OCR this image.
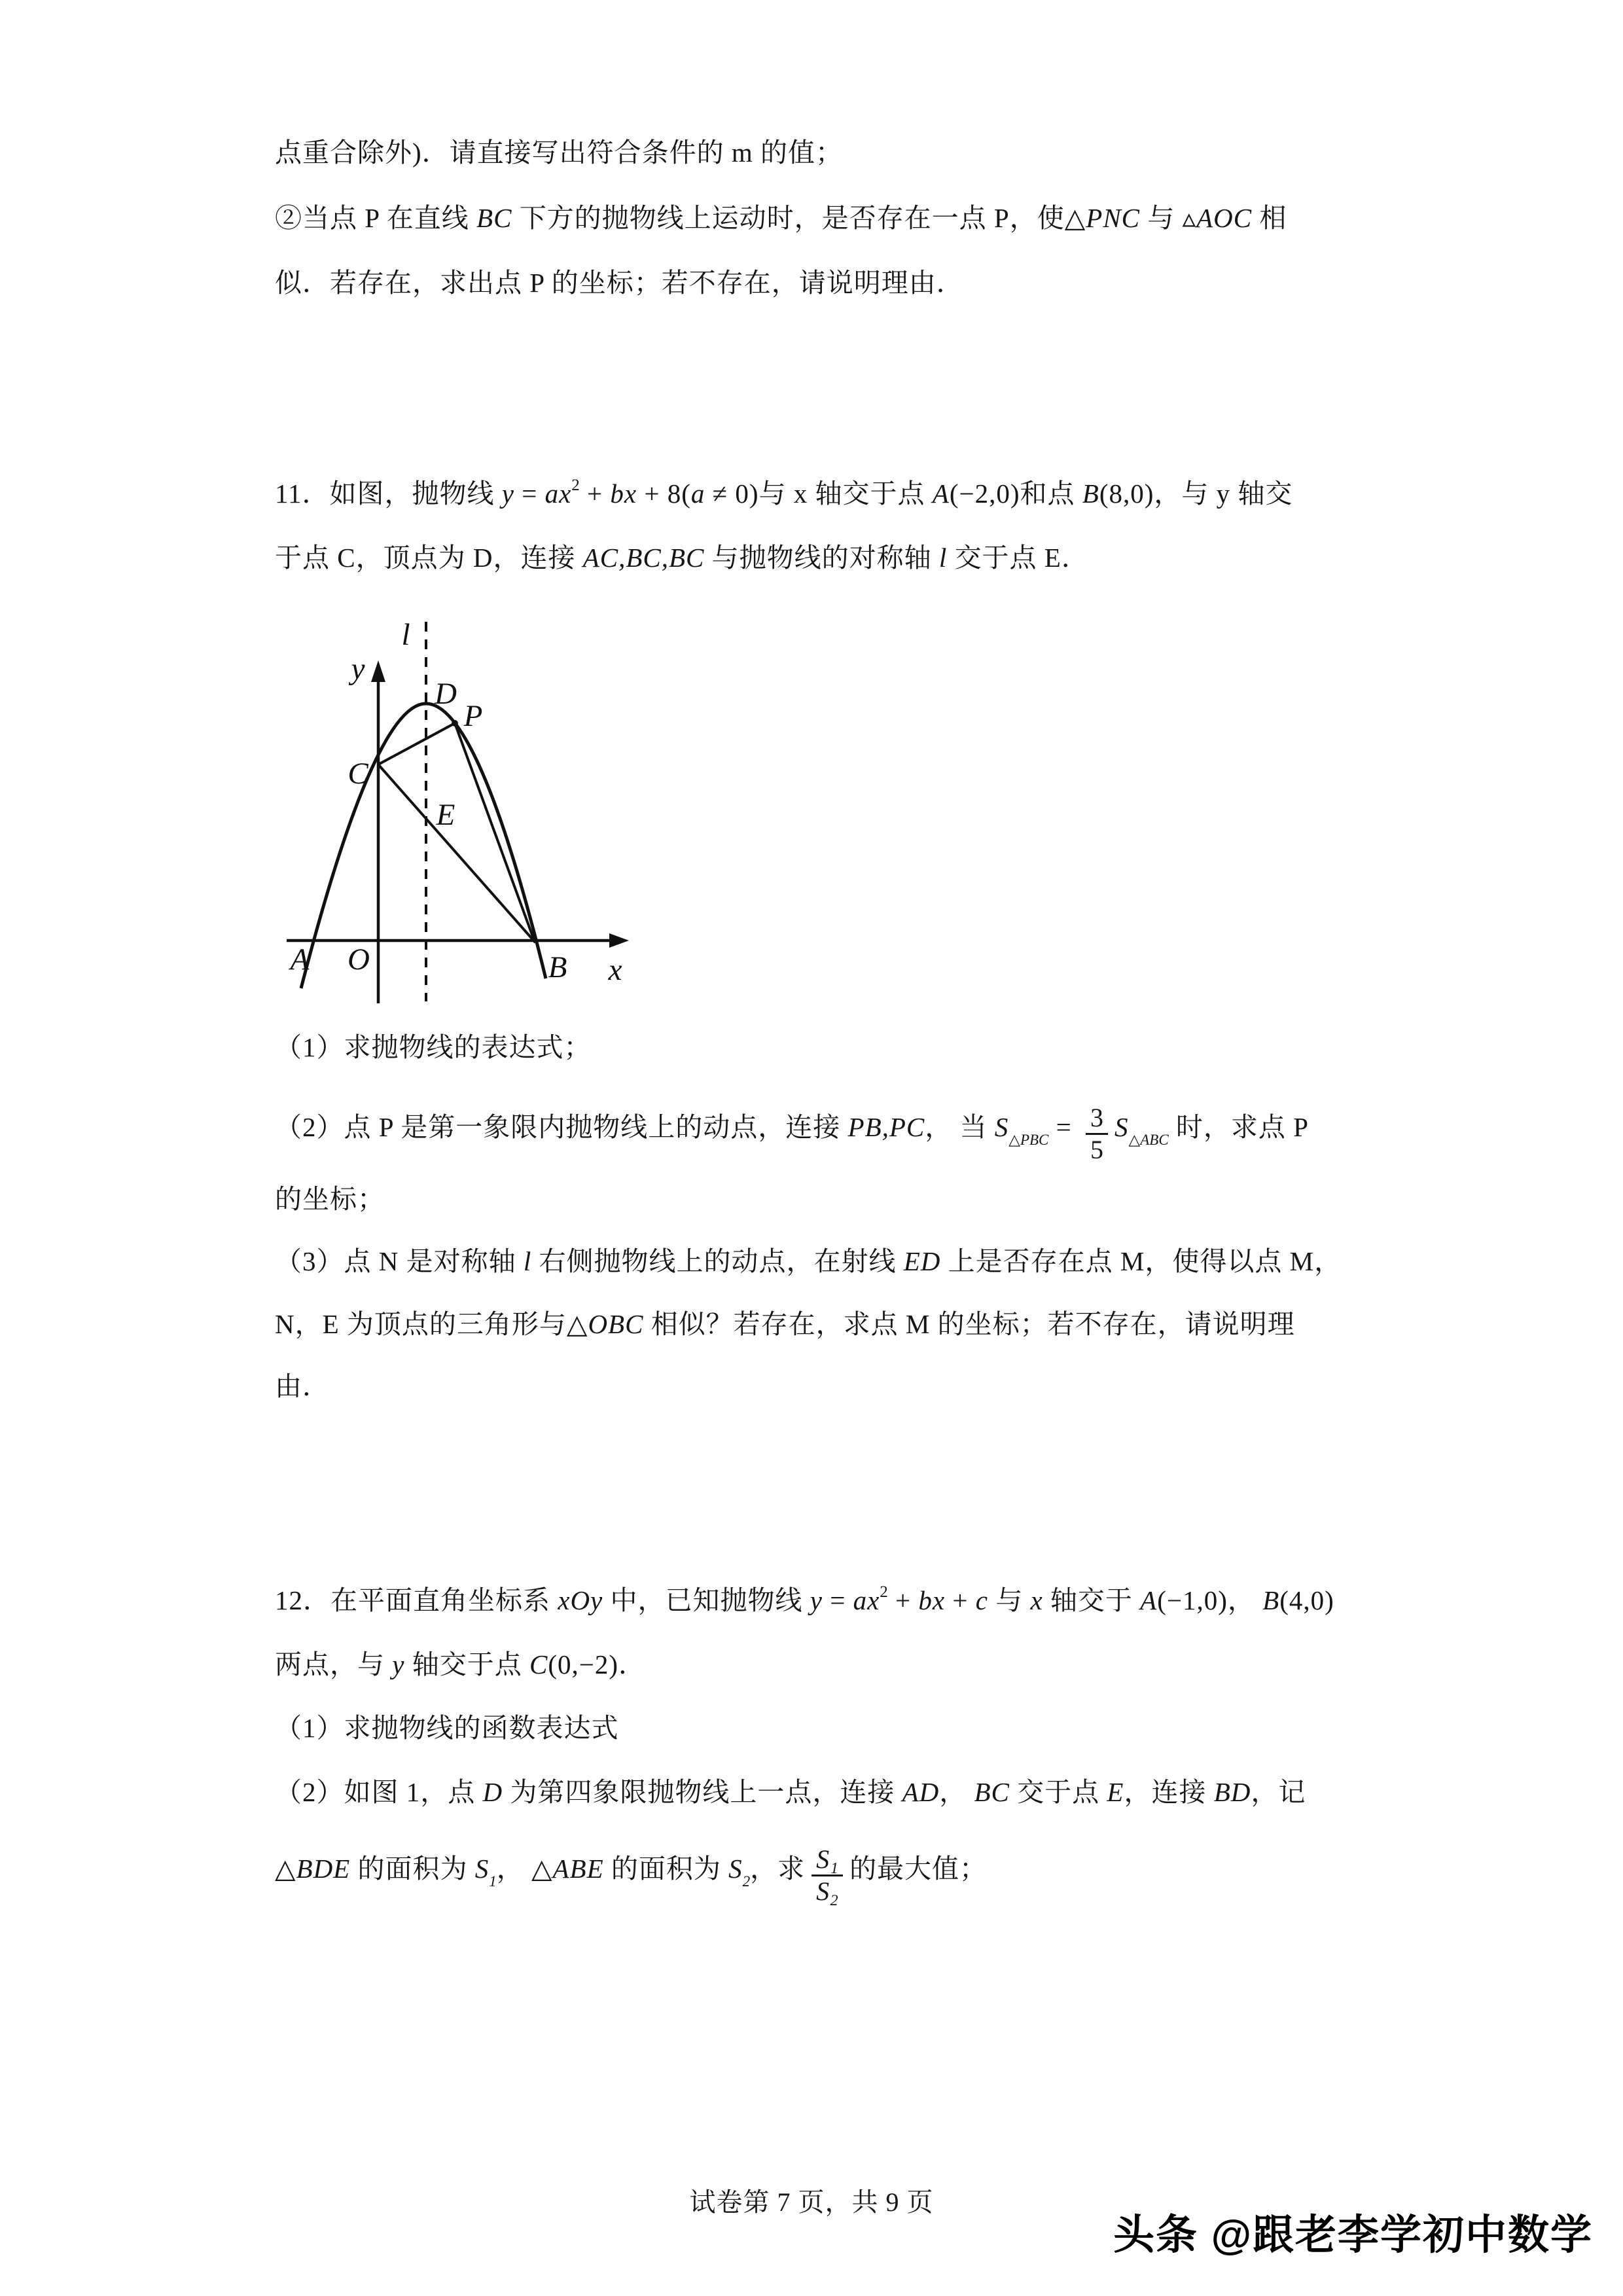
点重合除外)．请直接写出符合条件的 m 的值；
②当点 P 在直线 BC 下方的抛物线上运动时，是否存在一点 P，使△PNC 与 ▵AOC 相
似．若存在，求出点 P 的坐标；若不存在，请说明理由．
11．如图，抛物线 $y = ax^2$ + bx + 8(a ≠ 0)与 x 轴交于点 A(−2,0)和点 B(8,0)，与 y 轴交
于点 C，顶点为 D，连接 AC,BC,BC 与抛物线的对称轴 l 交于点 E．
l
y
x
O
A	B
C
D
P
E
（1）求抛物线的表达式；
（2）点 P 是第一象限内抛物线上的动点，连接 PB,PC， 当 $S_{\triangle PBC} = \frac{3}{5} S_{\triangle ABC}$ 时，求点 P
的坐标；
（3）点 N 是对称轴 l 右侧抛物线上的动点，在射线 ED 上是否存在点 M，使得以点 M，
N，E 为顶点的三角形与△OBC 相似？若存在，求点 M 的坐标；若不存在，请说明理
由．
12．在平面直角坐标系 xOy 中，已知抛物线 $y = ax^2$ + bx + c 与 x 轴交于 A(−1,0)， B(4,0)
两点，与 y 轴交于点 C(0,−2)．
（1）求抛物线的函数表达式
（2）如图 1，点 D 为第四象限抛物线上一点，连接 AD， BC 交于点 E，连接 BD，记
△BDE 的面积为 $S_1$， △ABE 的面积为 $S_2$，求 $\frac{\text{S₁}}{\text{S₂}}$ 的最大值；
试卷第 7 页，共 9 页
头条 @跟老李学初中数学
